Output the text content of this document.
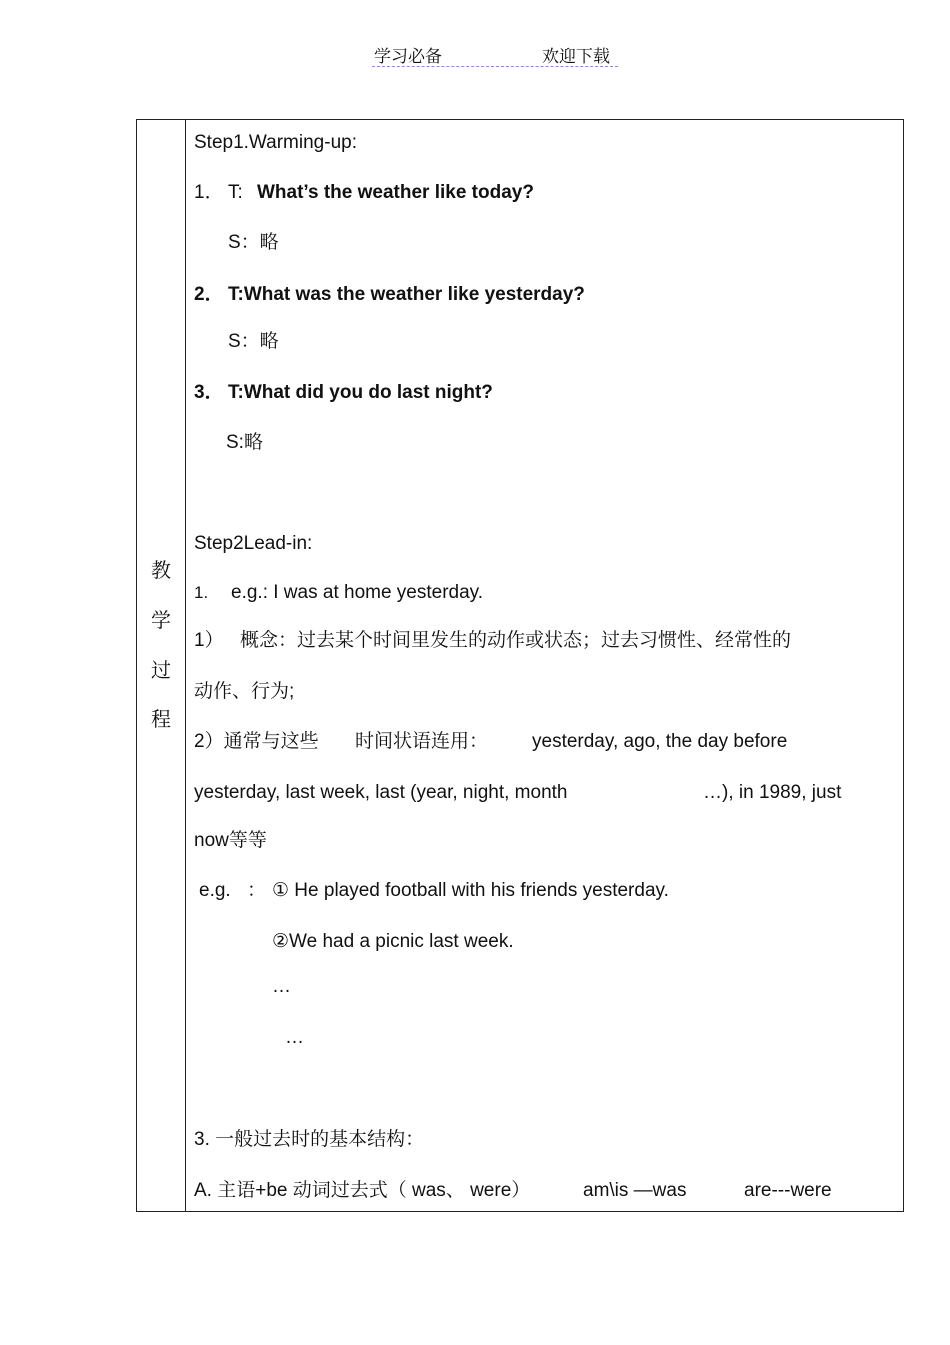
学习必备	欢迎下载
教
学
过
程
Step1.Warming-up:
1． T: What’s the weather like today?
S：略
2． T:What was the weather like yesterday?
S：略
3． T:What did you do last night?
S:略
Step2Lead-in:
1. e.g.: I was at home yesterday.
1） 概念：过去某个时间里发生的动作或状态；过去习惯性、经常性的
动作、行为;
2）通常与这些 时间状语连用： yesterday, ago, the day before
yesterday, last week, last (year, night, month	…), in 1989, just
now等等
e.g. ： ① He played football with his friends yesterday.
②We had a picnic last week.
…
…
3. 一般过去时的基本结构：
A. 主语+be 动词过去式（ was、 were）	am\is —was	are---were
